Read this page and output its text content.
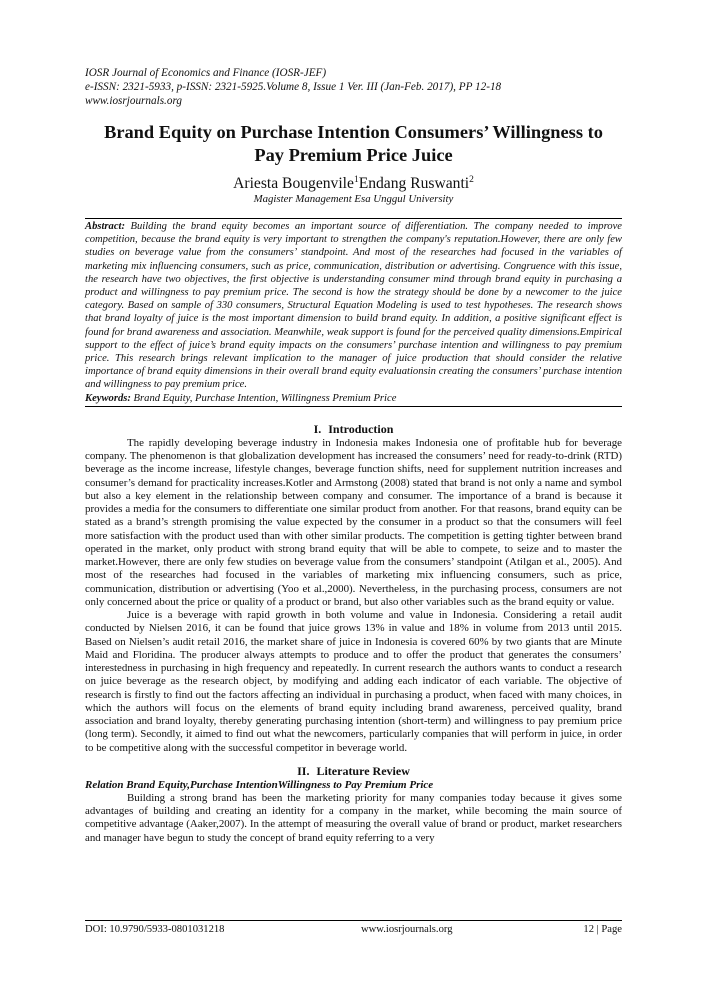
IOSR Journal of Economics and Finance (IOSR-JEF)
e-ISSN: 2321-5933, p-ISSN: 2321-5925.Volume 8, Issue 1 Ver. III (Jan-Feb. 2017), PP 12-18
www.iosrjournals.org
Brand Equity on Purchase Intention Consumers’ Willingness to
Pay Premium Price Juice
Ariesta Bougenvile$^1$Endang Ruswanti$^2$
Magister Management Esa Unggul University
Abstract: Building the brand equity becomes an important source of differentiation. The company needed to improve competition, because the brand equity is very important to strengthen the company's reputation.However, there are only few studies on beverage value from the consumers’ standpoint. And most of the researches had focused in the variables of marketing mix influencing consumers, such as price, communication, distribution or advertising. Congruence with this issue, the research have two objectives, the first objective is understanding consumer mind through brand equity in purchasing a product and willingness to pay premium price. The second is how the strategy should be done by a newcomer to the juice category. Based on sample of 330 consumers, Structural Equation Modeling is used to test hypotheses. The research shows that brand loyalty of juice is the most important dimension to build brand equity. In addition, a positive significant effect is found for brand awareness and association. Meanwhile, weak support is found for the perceived quality dimensions.Empirical support to the effect of juice’s brand equity impacts on the consumers’ purchase intention and willingness to pay premium price. This research brings relevant implication to the manager of juice production that should consider the relative importance of brand equity dimensions in their overall brand equity evaluationsin creating the consumers’ purchase intention and willingness to pay premium price.
Keywords: Brand Equity, Purchase Intention, Willingness Premium Price
I. Introduction

The rapidly developing beverage industry in Indonesia makes Indonesia one of profitable hub for beverage company. The phenomenon is that globalization development has increased the consumers’ need for ready-to-drink (RTD) beverage as the income increase, lifestyle changes, beverage function shifts, need for supplement nutrition increases and consumer’s demand for practicality increases.Kotler and Armstong (2008) stated that brand is not only a name and symbol but also a key element in the relationship between company and consumer. The importance of a brand is because it provides a media for the consumers to differentiate one similar product from another. For that reasons, brand equity can be stated as a brand’s strength promising the value expected by the consumer in a product so that the consumers will feel more satisfaction with the product used than with other similar products. The competition is getting tighter between brand operated in the market, only product with strong brand equity that will be able to compete, to seize and to master the market.However, there are only few studies on beverage value from the consumers’ standpoint (Atilgan et al., 2005). And most of the researches had focused in the variables of marketing mix influencing consumers, such as price, communication, distribution or advertising (Yoo et al.,2000). Nevertheless, in the purchasing process, consumers are not only concerned about the price or quality of a product or brand, but also other variables such as the brand equity or value.

Juice is a beverage with rapid growth in both volume and value in Indonesia. Considering a retail audit conducted by Nielsen 2016, it can be found that juice grows 13% in value and 18% in volume from 2013 until 2015. Based on Nielsen’s audit retail 2016, the market share of juice in Indonesia is covered 60% by two giants that are Minute Maid and Floridina. The producer always attempts to produce and to offer the product that generates the consumers’ interestedness in purchasing in high frequency and repeatedly. In current research the authors wants to conduct a research on juice beverage as the research object, by modifying and adding each indicator of each variable. The objective of research is firstly to find out the factors affecting an individual in purchasing a product, when faced with many choices, in which the authors will focus on the elements of brand equity including brand awareness, perceived quality, brand association and brand loyalty, thereby generating purchasing intention (short-term) and willingness to pay premium price (long term). Secondly, it aimed to find out what the newcomers, particularly companies that will perform in juice, in order to be competitive along with the successful competitor in beverage world.

II. Literature Review
Relation Brand Equity,Purchase IntentionWillingness to Pay Premium Price

Building a strong brand has been the marketing priority for many companies today because it gives some advantages of building and creating an identity for a company in the market, while becoming the main source of competitive advantage (Aaker,2007). In the attempt of measuring the overall value of brand or product, market researchers and manager have begun to study the concept of brand equity referring to a very

DOI: 10.9790/5933-0801031218	www.iosrjournals.org	12 | Page
